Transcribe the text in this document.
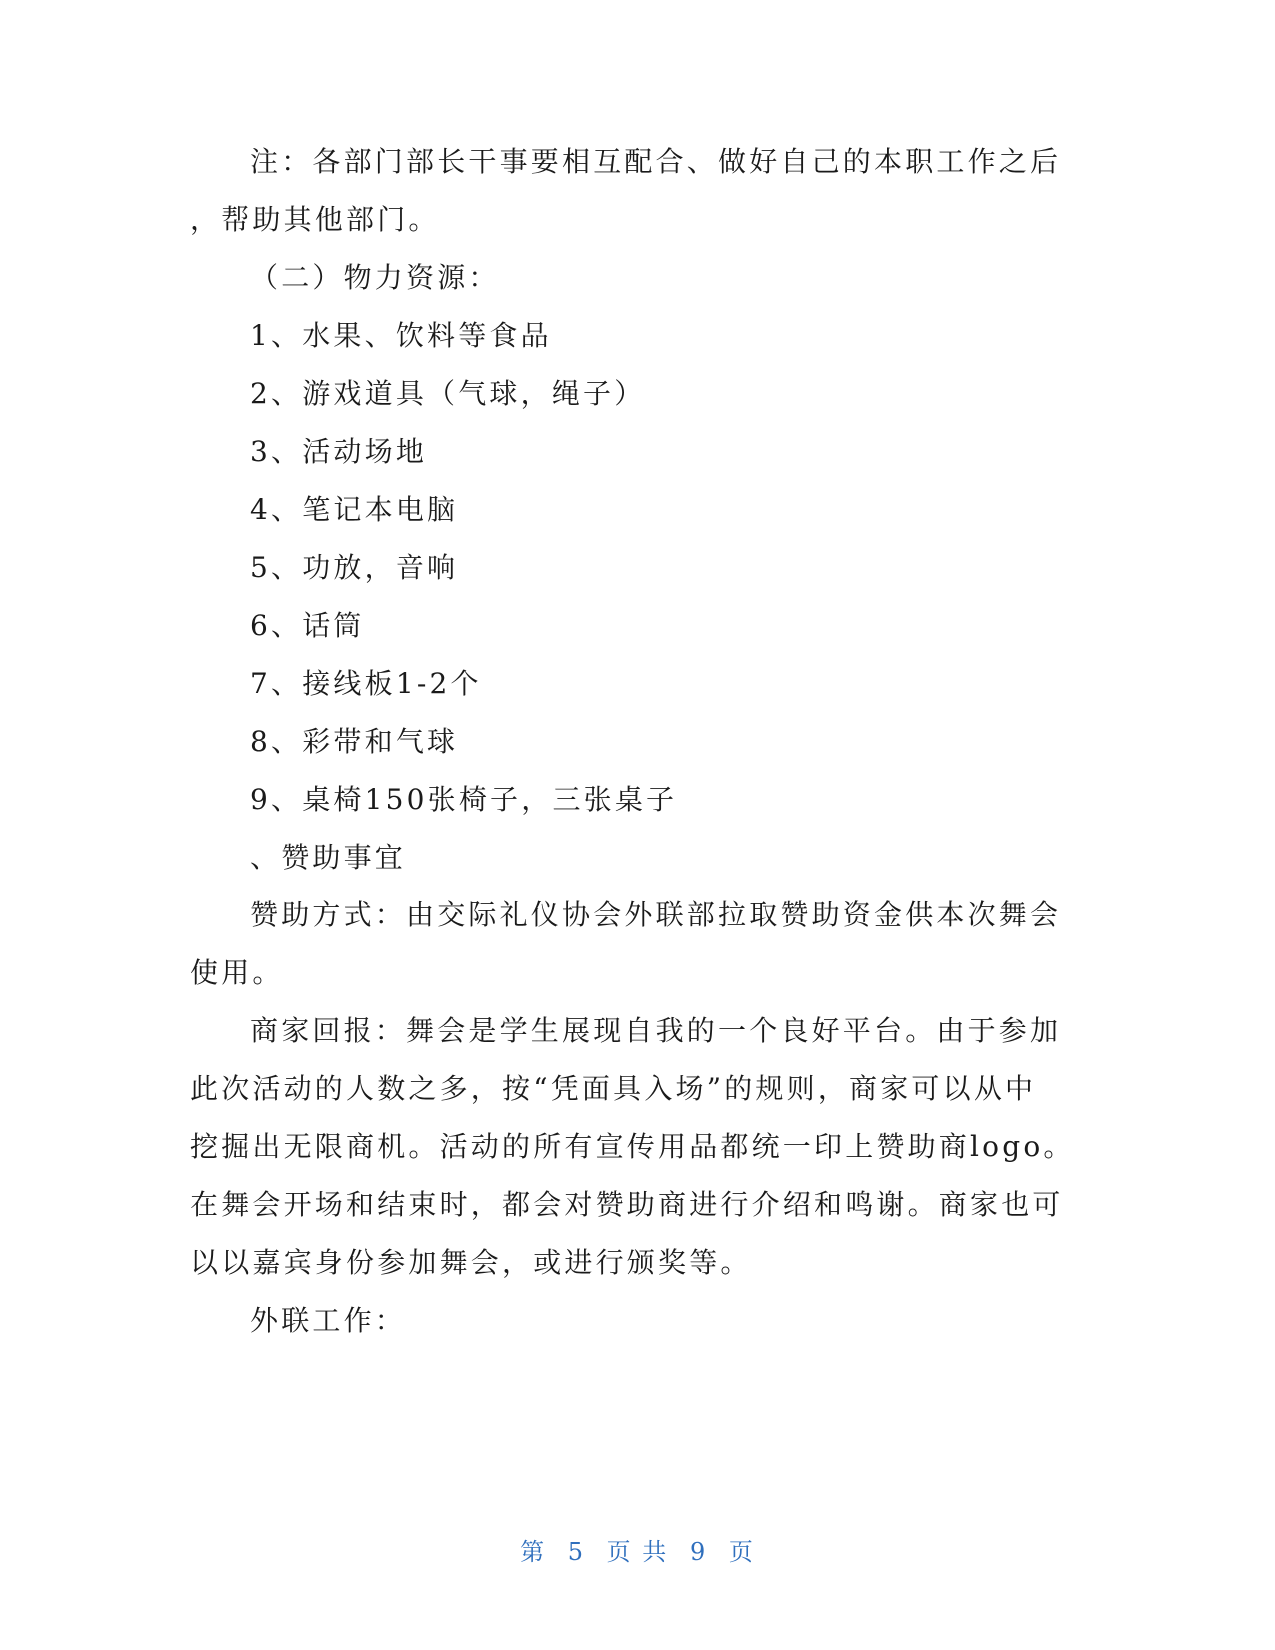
注：各部门部长干事要相互配合、做好自己的本职工作之后
，帮助其他部门。
（二）物力资源：
1、水果、饮料等食品
2、游戏道具（气球，绳子）
3、活动场地
4、笔记本电脑
5、功放，音响
6、话筒
7、接线板1-2个
8、彩带和气球
9、桌椅150张椅子，三张桌子
、赞助事宜
赞助方式：由交际礼仪协会外联部拉取赞助资金供本次舞会
使用。
商家回报：舞会是学生展现自我的一个良好平台。由于参加
此次活动的人数之多，按“凭面具入场”的规则，商家可以从中
挖掘出无限商机。活动的所有宣传用品都统一印上赞助商logo。
在舞会开场和结束时，都会对赞助商进行介绍和鸣谢。商家也可
以以嘉宾身份参加舞会，或进行颁奖等。
外联工作：
第 5 页 共 9 页
